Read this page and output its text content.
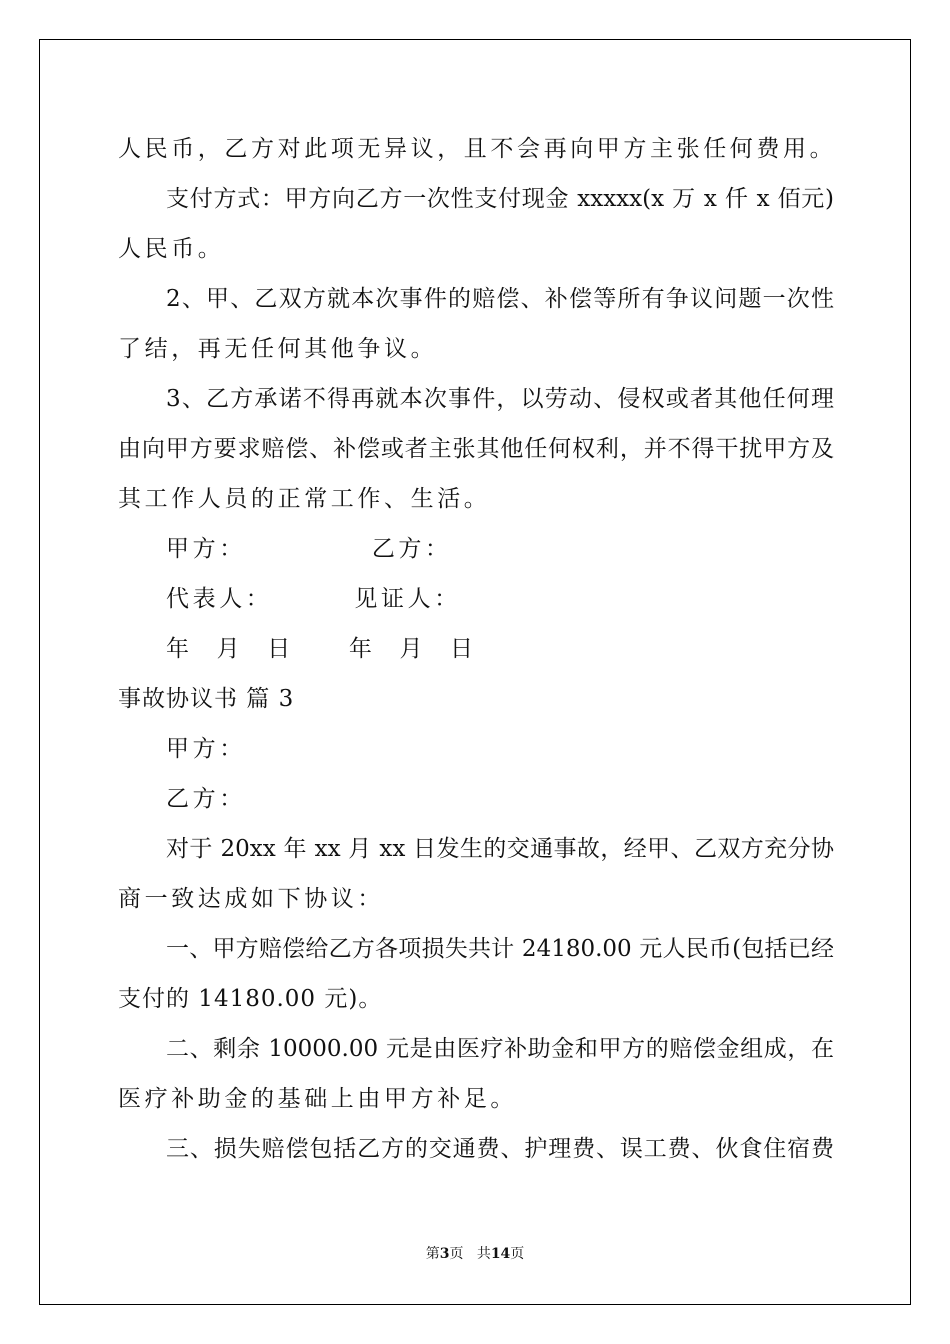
人民币，乙方对此项无异议，且不会再向甲方主张任何费用。
支付方式：甲方向乙方一次性支付现金 xxxxx(x 万 x 仟 x 佰元)
人民币。
2、甲、乙双方就本次事件的赔偿、补偿等所有争议问题一次性
了结，再无任何其他争议。
3、乙方承诺不得再就本次事件，以劳动、侵权或者其他任何理
由向甲方要求赔偿、补偿或者主张其他任何权利，并不得干扰甲方及
其工作人员的正常工作、生活。
甲方：	乙方：
代表人：	见证人：
年 月 日 年 月 日
事故协议书 篇 3
甲方：
乙方：
对于 20xx 年 xx 月 xx 日发生的交通事故，经甲、乙双方充分协
商一致达成如下协议：
一、甲方赔偿给乙方各项损失共计 24180.00 元人民币(包括已经
支付的 14180.00 元)。
二、剩余 10000.00 元是由医疗补助金和甲方的赔偿金组成，在
医疗补助金的基础上由甲方补足。
三、损失赔偿包括乙方的交通费、护理费、误工费、伙食住宿费
第3页 共14页
